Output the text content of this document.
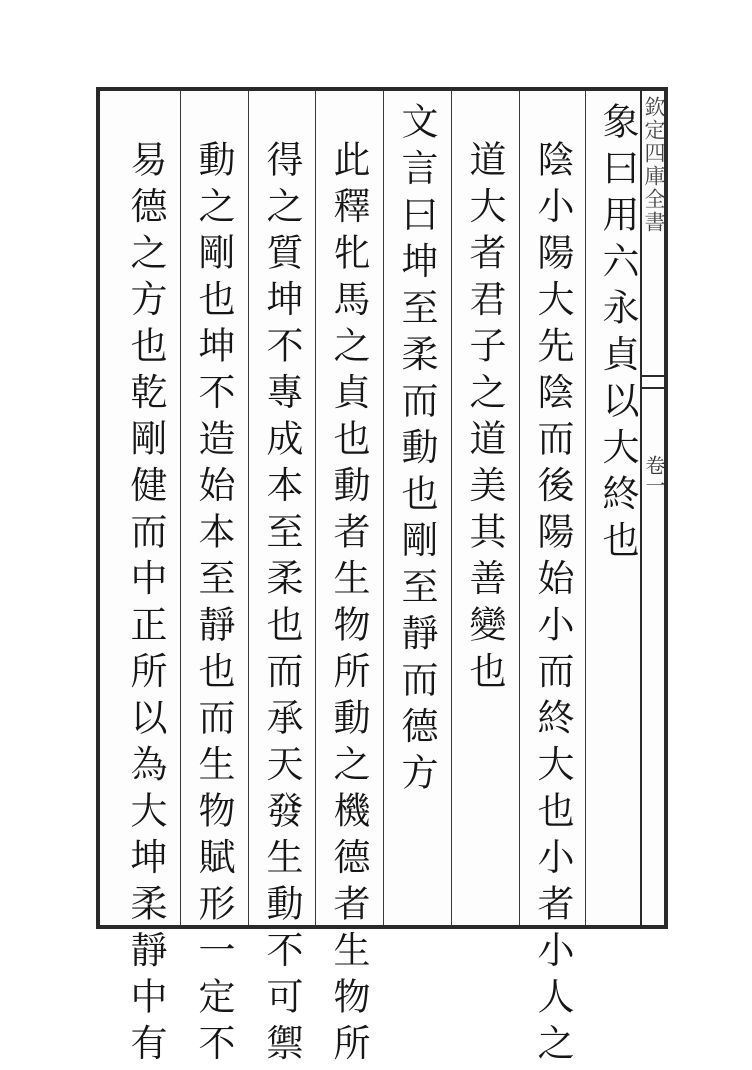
欽定四庫全書
卷一
象曰用六永貞以大終也
陰小陽大先陰而後陽始小而終大也小者小人之
道大者君子之道美其善變也
文言曰坤至柔而動也剛至靜而德方
此釋牝馬之貞也動者生物所動之機德者生物所
得之質坤不專成本至柔也而承天發生動不可禦
動之剛也坤不造始本至靜也而生物賦形一定不
易德之方也乾剛健而中正所以為大坤柔靜中有
